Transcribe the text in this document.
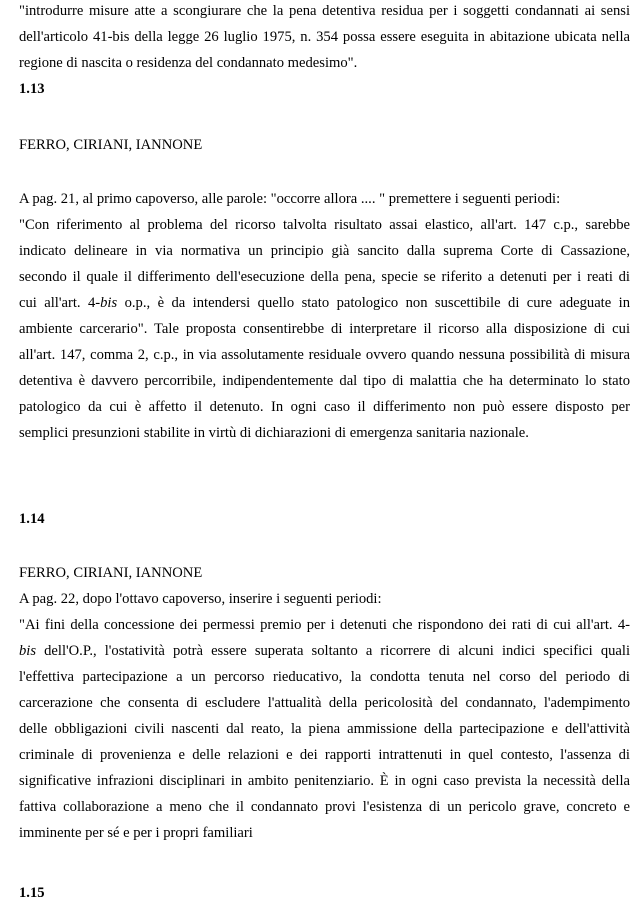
"introdurre misure atte a scongiurare che la pena detentiva residua per i soggetti condannati ai sensi
dell'articolo 41-bis della legge 26 luglio 1975, n. 354 possa essere eseguita in abitazione ubicata nella
regione di nascita o residenza del condannato medesimo".
1.13
FERRO, CIRIANI, IANNONE
A pag. 21, al primo capoverso, alle parole: "occorre allora .... " premettere i seguenti periodi:
"Con riferimento al problema del ricorso talvolta risultato assai elastico, all'art. 147 c.p., sarebbe
indicato delineare in via normativa un principio già sancito dalla suprema Corte di Cassazione,
secondo il quale il differimento dell'esecuzione della pena, specie se riferito a detenuti per i reati di
cui all'art. 4-bis o.p., è da intendersi quello stato patologico non suscettibile di cure adeguate in
ambiente carcerario". Tale proposta consentirebbe di interpretare il ricorso alla disposizione di cui
all'art. 147, comma 2, c.p., in via assolutamente residuale ovvero quando nessuna possibilità di misura
detentiva è davvero percorribile, indipendentemente dal tipo di malattia che ha determinato lo stato
patologico da cui è affetto il detenuto. In ogni caso il differimento non può essere disposto per
semplici presunzioni stabilite in virtù di dichiarazioni di emergenza sanitaria nazionale.
1.14
FERRO, CIRIANI, IANNONE
A pag. 22, dopo l'ottavo capoverso, inserire i seguenti periodi:
"Ai fini della concessione dei permessi premio per i detenuti che rispondono dei rati di cui all'art. 4-
bis dell'O.P., l'ostatività potrà essere superata soltanto a ricorrere di alcuni indici specifici quali
l'effettiva partecipazione a un percorso rieducativo, la condotta tenuta nel corso del periodo di
carcerazione che consenta di escludere l'attualità della pericolosità del condannato, l'adempimento
delle obbligazioni civili nascenti dal reato, la piena ammissione della partecipazione e dell'attività
criminale di provenienza e delle relazioni e dei rapporti intrattenuti in quel contesto, l'assenza di
significative infrazioni disciplinari in ambito penitenziario. È in ogni caso prevista la necessità della
fattiva collaborazione a meno che il condannato provi l'esistenza di un pericolo grave, concreto e
imminente per sé e per i propri familiari
1.15
